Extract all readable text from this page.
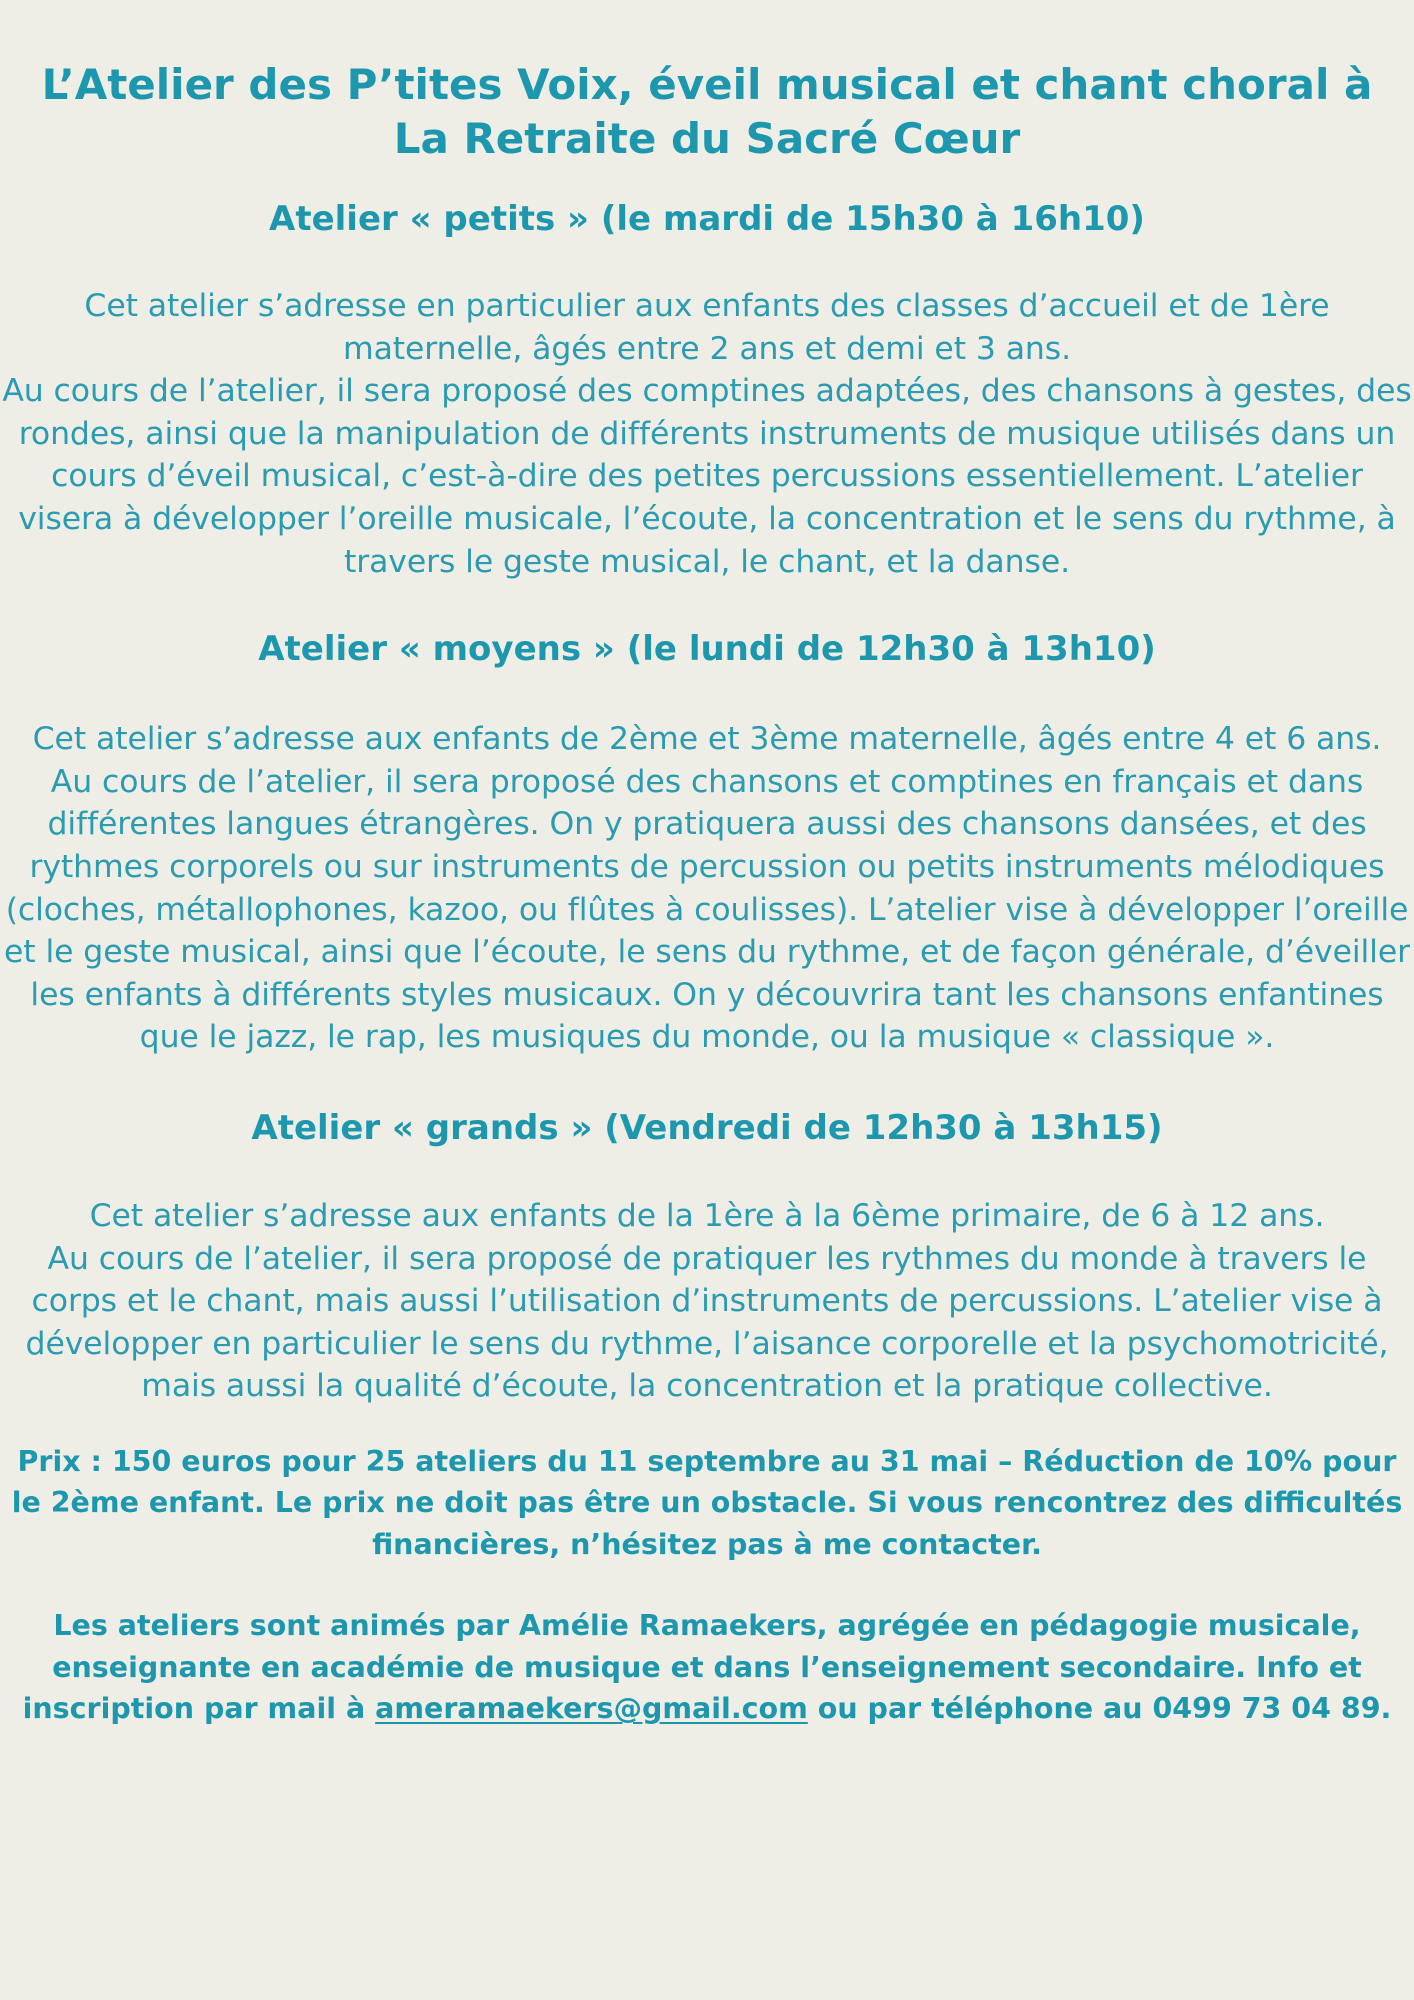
L’Atelier des P’tites Voix, éveil musical et chant choral à La Retraite du Sacré Cœur
Atelier « petits » (le mardi de 15h30 à 16h10)

Cet atelier s’adresse en particulier aux enfants des classes d’accueil et de 1ère maternelle, âgés entre 2 ans et demi et 3 ans.

Au cours de l’atelier, il sera proposé des comptines adaptées, des chansons à gestes, des rondes, ainsi que la manipulation de différents instruments de musique utilisés dans un cours d’éveil musical, c’est-à-dire des petites percussions essentiellement. L’atelier visera à développer l’oreille musicale, l’écoute, la concentration et le sens du rythme, à travers le geste musical, le chant, et la danse.

Atelier « moyens » (le lundi de 12h30 à 13h10)

Cet atelier s’adresse aux enfants de 2ème et 3ème maternelle, âgés entre 4 et 6 ans.

Au cours de l’atelier, il sera proposé des chansons et comptines en français et dans différentes langues étrangères. On y pratiquera aussi des chansons dansées, et des rythmes corporels ou sur instruments de percussion ou petits instruments mélodiques (cloches, métallophones, kazoo, ou flûtes à coulisses). L’atelier vise à développer l’oreille et le geste musical, ainsi que l’écoute, le sens du rythme, et de façon générale, d’éveiller les enfants à différents styles musicaux. On y découvrira tant les chansons enfantines que le jazz, le rap, les musiques du monde, ou la musique « classique ».

Atelier « grands » (Vendredi de 12h30 à 13h15)

Cet atelier s’adresse aux enfants de la 1ère à la 6ème primaire, de 6 à 12 ans.

Au cours de l’atelier, il sera proposé de pratiquer les rythmes du monde à travers le corps et le chant, mais aussi l’utilisation d’instruments de percussions. L’atelier vise à développer en particulier le sens du rythme, l’aisance corporelle et la psychomotricité, mais aussi la qualité d’écoute, la concentration et la pratique collective.

Prix : 150 euros pour 25 ateliers du 11 septembre au 31 mai – Réduction de 10% pour le 2ème enfant. Le prix ne doit pas être un obstacle. Si vous rencontrez des difficultés financières, n’hésitez pas à me contacter.

Les ateliers sont animés par Amélie Ramaekers, agrégée en pédagogie musicale, enseignante en académie de musique et dans l’enseignement secondaire. Info et inscription par mail à ameramaekers@gmail.com ou par téléphone au 0499 73 04 89.
